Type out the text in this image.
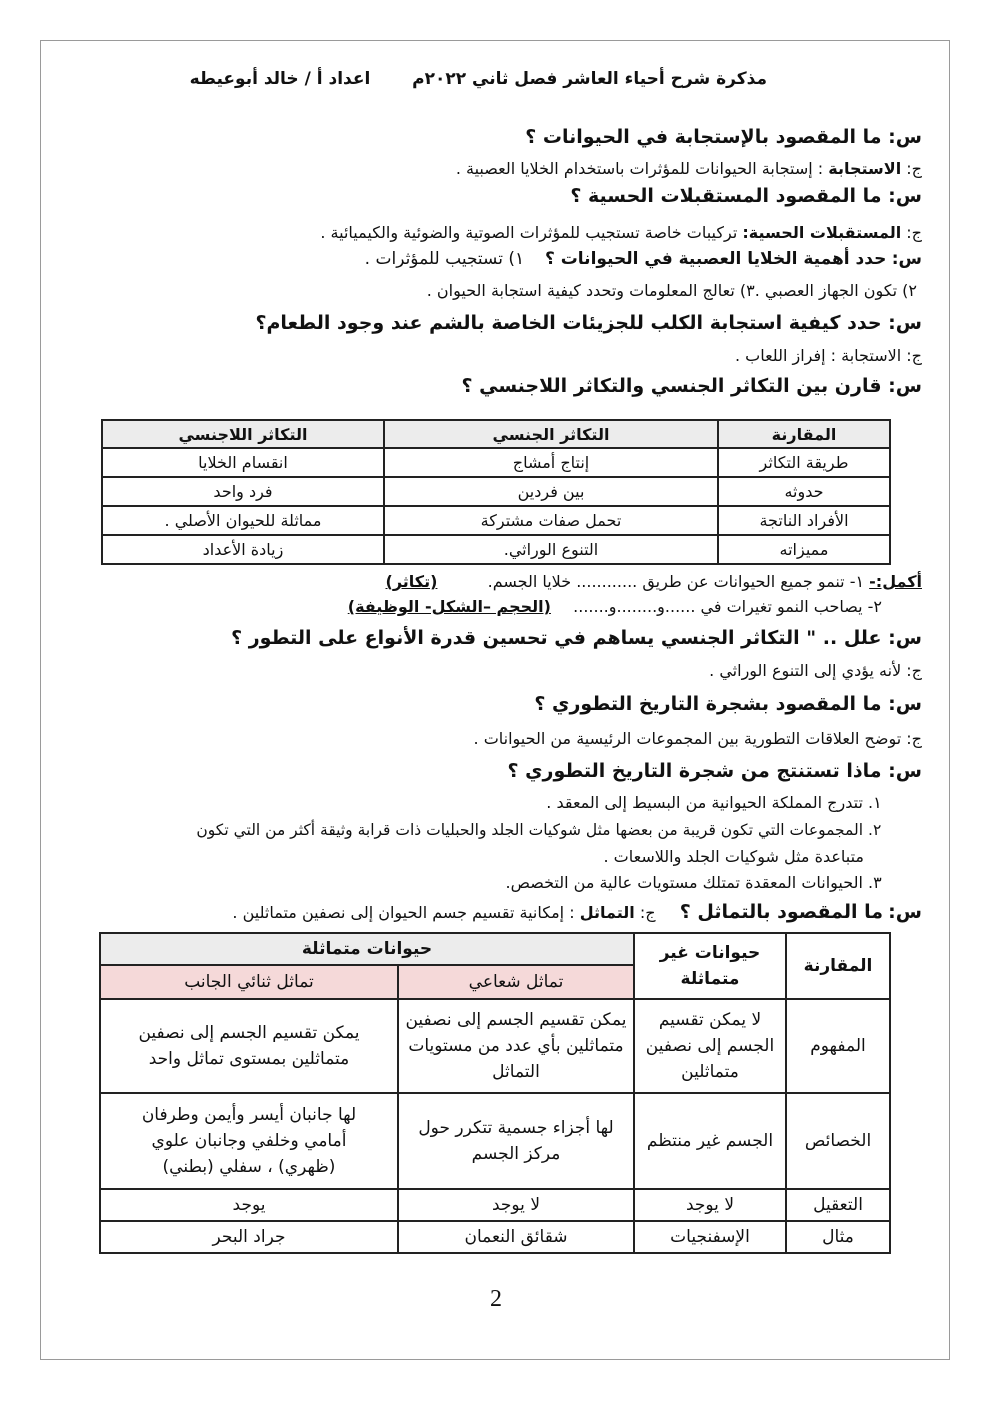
مذكرة شرح أحياء العاشر فصل ثاني ٢٠٢٢م  اعداد أ / خالد أبوعيطه
س: ما المقصود بالإستجابة في الحيوانات ؟
ج: الاستجابة : إستجابة الحيوانات للمؤثرات باستخدام الخلايا العصبية .
س: ما المقصود المستقبلات الحسية ؟
ج: المستقبلات الحسية: تركيبات خاصة تستجيب للمؤثرات الصوتية والضوئية والكيميائية .
س: حدد أهمية الخلايا العصبية في الحيوانات ؟  ١) تستجيب للمؤثرات .
٢) تكون الجهاز العصبي .٣) تعالج المعلومات وتحدد كيفية استجابة الحيوان .
س: حدد كيفية استجابة الكلب للجزيئات الخاصة بالشم عند وجود الطعام؟
ج: الاستجابة : إفراز اللعاب .
س: قارن بين التكاثر الجنسي والتكاثر اللاجنسي ؟
المقارنة	التكاثر الجنسي	التكاثر اللاجنسي
طريقة التكاثر	إنتاج أمشاج	انقسام الخلايا
حدوثه	بين فردين	فرد واحد
الأفراد الناتجة	تحمل صفات مشتركة	مماثلة للحيوان الأصلي .
مميزاته	التنوع الوراثي.	زيادة الأعداد
أكمل:- ١- تنمو جميع الحيوانات عن طريق ............ خلايا الجسم.  (تكاثر)
٢- يصاحب النمو تغيرات في ......و........و.......  (الحجم –الشكل- الوظيفة)
س: علل .. " التكاثر الجنسي يساهم في تحسين قدرة الأنواع على التطور ؟
ج: لأنه يؤدي إلى التنوع الوراثي .
س: ما المقصود بشجرة التاريخ التطوري ؟
ج: توضح العلاقات التطورية بين المجموعات الرئيسية من الحيوانات .
س: ماذا تستنتج من شجرة التاريخ التطوري ؟
١. تتدرج المملكة الحيوانية من البسيط إلى المعقد .
٢. المجموعات التي تكون قريبة من بعضها مثل شوكيات الجلد والحبليات ذات قرابة وثيقة أكثر من التي تكون
متباعدة مثل شوكيات الجلد واللاسعات .
٣. الحيوانات المعقدة تمتلك مستويات عالية من التخصص.
س: ما المقصود بالتماثل ؟  ج: التماثل : إمكانية تقسيم جسم الحيوان إلى نصفين متماثلين .
المقارنة	حيوانات غير متماثلة	حيوانات متماثلة	
		تماثل شعاعي	تماثل ثنائي الجانب
المفهوم	لا يمكن تقسيم الجسم إلى نصفين متماثلين	يمكن تقسيم الجسم إلى نصفين متماثلين بأي عدد من مستويات التماثل	يمكن تقسيم الجسم إلى نصفين متماثلين بمستوى تماثل واحد
الخصائص	الجسم غير منتظم	لها أجزاء جسمية تتكرر حول مركز الجسم	لها جانبان أيسر وأيمن وطرفان أمامي وخلفي وجانبان علوي (ظهري) ، سفلي (بطني)
التعقيل	لا يوجد	لا يوجد	يوجد
مثال	الإسفنجيات	شقائق النعمان	جراد البحر
2
